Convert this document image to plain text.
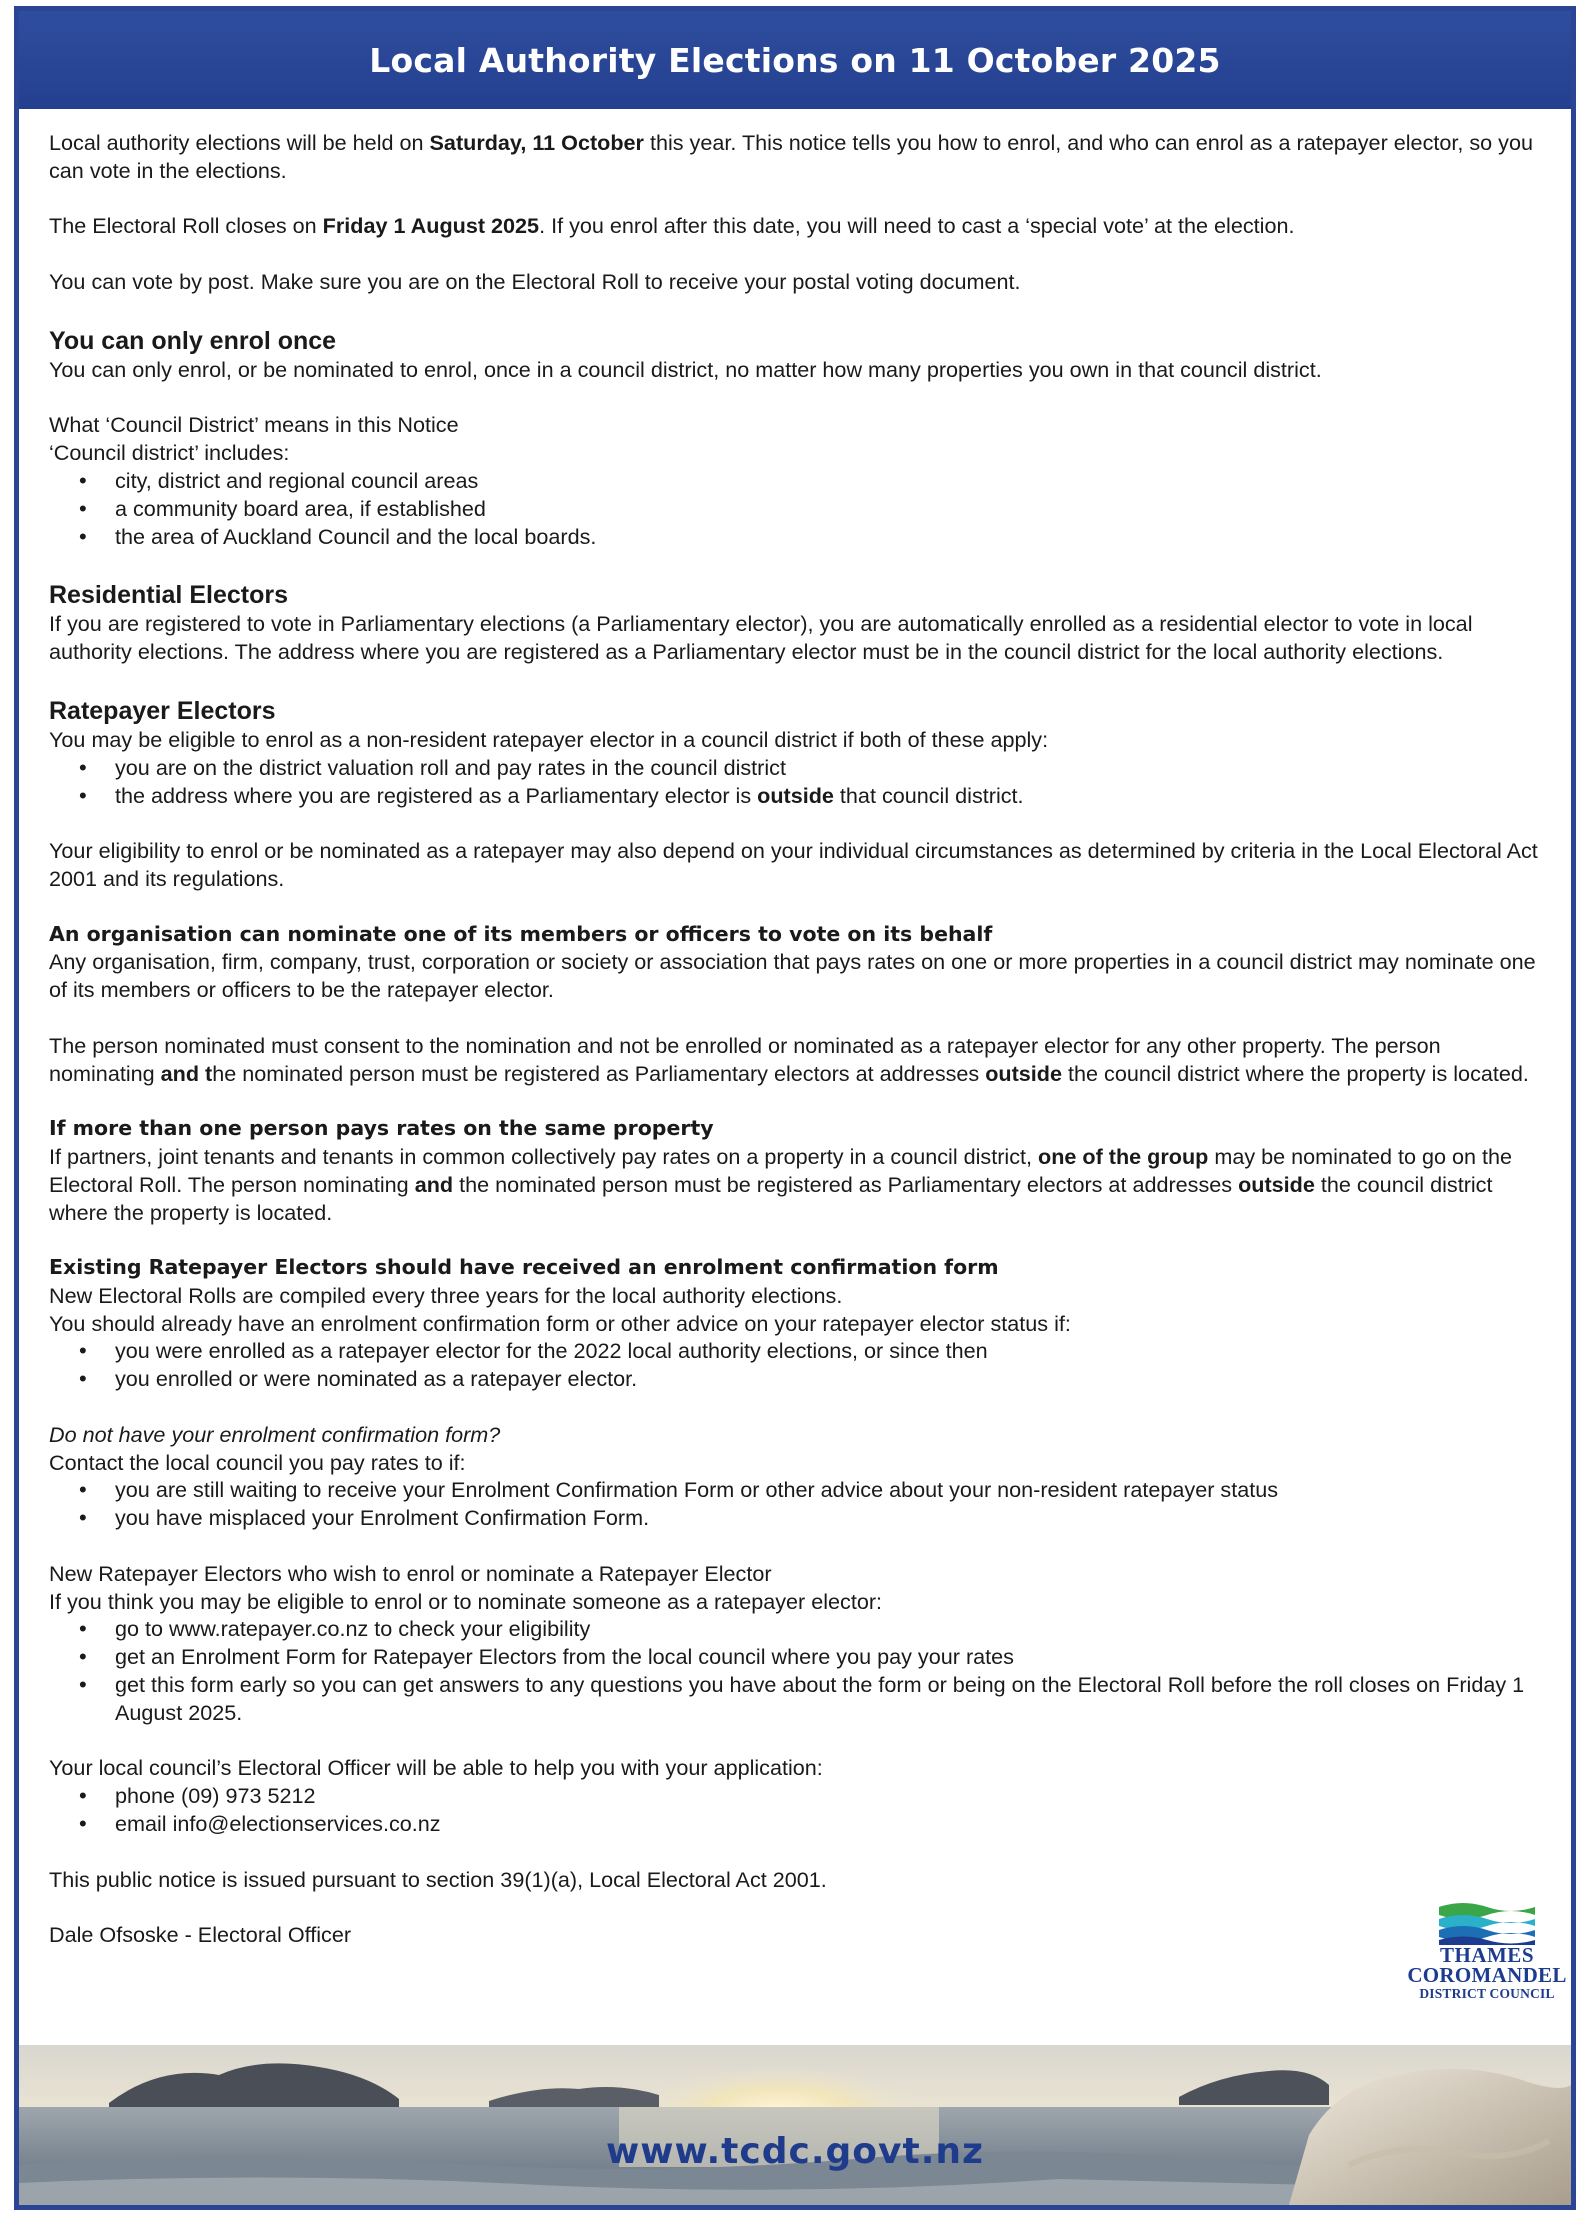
Local Authority Elections on 11 October 2025

Local authority elections will be held on Saturday, 11 October this year. This notice tells you how to enrol, and who can enrol as a ratepayer elector, so you can vote in the elections.

The Electoral Roll closes on Friday 1 August 2025. If you enrol after this date, you will need to cast a ‘special vote’ at the election.

You can vote by post. Make sure you are on the Electoral Roll to receive your postal voting document.

You can only enrol once

You can only enrol, or be nominated to enrol, once in a council district, no matter how many properties you own in that council district.

What ‘Council District’ means in this Notice

‘Council district’ includes:

• city, district and regional council areas
• a community board area, if established
• the area of Auckland Council and the local boards.
Residential Electors

If you are registered to vote in Parliamentary elections (a Parliamentary elector), you are automatically enrolled as a residential elector to vote in local authority elections. The address where you are registered as a Parliamentary elector must be in the council district for the local authority elections.

Ratepayer Electors

You may be eligible to enrol as a non-resident ratepayer elector in a council district if both of these apply:

• you are on the district valuation roll and pay rates in the council district
• the address where you are registered as a Parliamentary elector is outside that council district.

Your eligibility to enrol or be nominated as a ratepayer may also depend on your individual circumstances as determined by criteria in the Local Electoral Act 2001 and its regulations.

An organisation can nominate one of its members or officers to vote on its behalf

Any organisation, firm, company, trust, corporation or society or association that pays rates on one or more properties in a council district may nominate one of its members or officers to be the ratepayer elector.

The person nominated must consent to the nomination and not be enrolled or nominated as a ratepayer elector for any other property. The person nominating and the nominated person must be registered as Parliamentary electors at addresses outside the council district where the property is located.

If more than one person pays rates on the same property

If partners, joint tenants and tenants in common collectively pay rates on a property in a council district, one of the group may be nominated to go on the Electoral Roll. The person nominating and the nominated person must be registered as Parliamentary electors at addresses outside the council district where the property is located.

Existing Ratepayer Electors should have received an enrolment confirmation form

New Electoral Rolls are compiled every three years for the local authority elections.

You should already have an enrolment confirmation form or other advice on your ratepayer elector status if:

• you were enrolled as a ratepayer elector for the 2022 local authority elections, or since then
• you enrolled or were nominated as a ratepayer elector.

Do not have your enrolment confirmation form?

Contact the local council you pay rates to if:

• you are still waiting to receive your Enrolment Confirmation Form or other advice about your non-resident ratepayer status
• you have misplaced your Enrolment Confirmation Form.

New Ratepayer Electors who wish to enrol or nominate a Ratepayer Elector

If you think you may be eligible to enrol or to nominate someone as a ratepayer elector:

• go to www.ratepayer.co.nz to check your eligibility
• get an Enrolment Form for Ratepayer Electors from the local council where you pay your rates
• get this form early so you can get answers to any questions you have about the form or being on the Electoral Roll before the roll closes on Friday 1 August 2025.

Your local council’s Electoral Officer will be able to help you with your application:

• phone (09) 973 5212
• email info@electionservices.co.nz

This public notice is issued pursuant to section 39(1)(a), Local Electoral Act 2001.

Dale Ofsoske - Electoral Officer

THAMES
COROMANDEL
DISTRICT COUNCIL
www.tcdc.govt.nz
